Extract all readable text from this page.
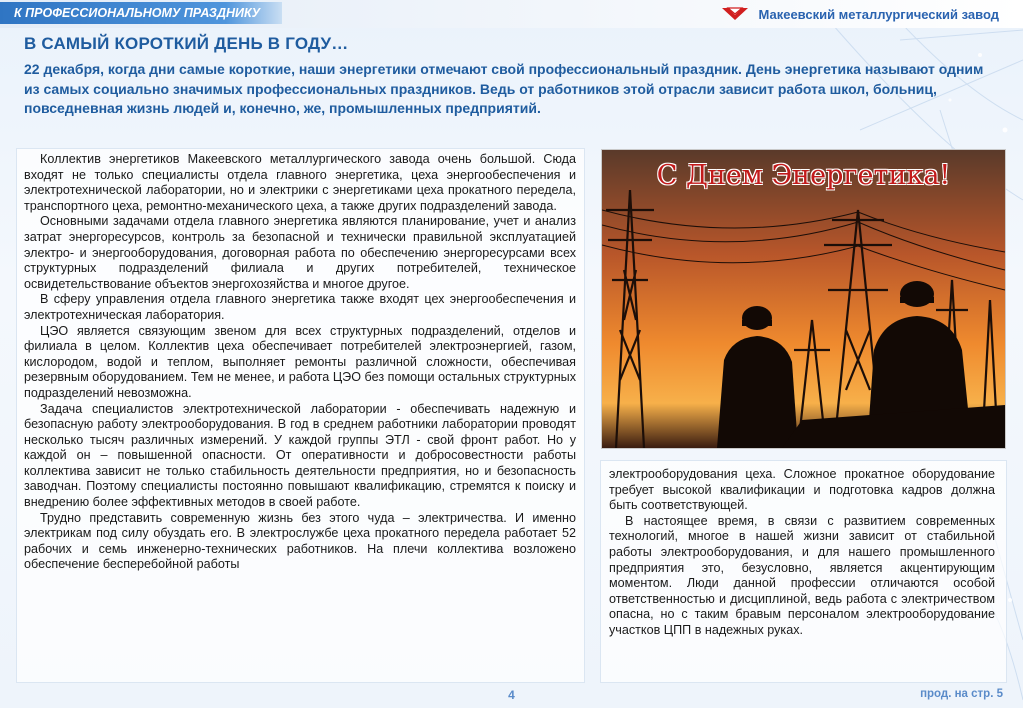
К ПРОФЕССИОНАЛЬНОМУ ПРАЗДНИКУ	Макеевский металлургический завод
В САМЫЙ КОРОТКИЙ ДЕНЬ В ГОДУ…

22 декабря, когда дни самые короткие, наши энергетики отмечают свой профессиональный праздник. День энергетика называют одним из самых социально значимых профессиональных праздников. Ведь от работников этой отрасли зависит работа школ, больниц, повседневная жизнь людей и, конечно, же, промышленных предприятий.

Коллектив энергетиков Макеевского металлургического завода очень большой. Сюда входят не только специалисты отдела главного энергетика, цеха энергообеспечения и электротехнической лаборатории, но и электрики с энергетиками цеха прокатного передела, транспортного цеха, ремонтно-механического цеха, а также других подразделений завода.

Основными задачами отдела главного энергетика являются планирование, учет и анализ затрат энергоресурсов, контроль за безопасной и технически правильной эксплуатацией электро- и энергооборудования, договорная работа по обеспечению энергоресурсами всех структурных подразделений филиала и других потребителей, техническое освидетельствование объектов энергохозяйства и многое другое.

В сферу управления отдела главного энергетика также входят цех энергообеспечения и электротехническая лаборатория.

ЦЭО является связующим звеном для всех структурных подразделений, отделов и филиала в целом. Коллектив цеха обеспечивает потребителей электроэнергией, газом, кислородом, водой и теплом, выполняет ремонты различной сложности, обеспечивая резервным оборудованием. Тем не менее, и работа ЦЭО без помощи остальных структурных подразделений невозможна.

Задача специалистов электротехнической лаборатории - обеспечивать надежную и безопасную работу электрооборудования. В год в среднем работники лаборатории проводят несколько тысяч различных измерений. У каждой группы ЭТЛ - свой фронт работ. Но у каждой он – повышенной опасности. От оперативности и добросовестности работы коллектива зависит не только стабильность деятельности предприятия, но и безопасность заводчан. Поэтому специалисты постоянно повышают квалификацию, стремятся к поиску и внедрению более эффективных методов в своей работе.

Трудно представить современную жизнь без этого чуда – электричества. И именно электрикам под силу обуздать его. В электрослужбе цеха прокатного передела работает 52 рабочих и семь инженерно-технических работников. На плечи коллектива возложено обеспечение бесперебойной работы

С Днем Энергетика!

электрооборудования цеха. Сложное прокатное оборудование требует высокой квалификации и подготовка кадров должна быть соответствующей.

В настоящее время, в связи с развитием современных технологий, многое в нашей жизни зависит от стабильной работы электрооборудования, и для нашего промышленного предприятия это, безусловно, является акцентирующим моментом. Люди данной профессии отличаются особой ответственностью и дисциплиной, ведь работа с электричеством опасна, но с таким бравым персоналом электрооборудование участков ЦПП в надежных руках.

4	прод. на стр. 5
